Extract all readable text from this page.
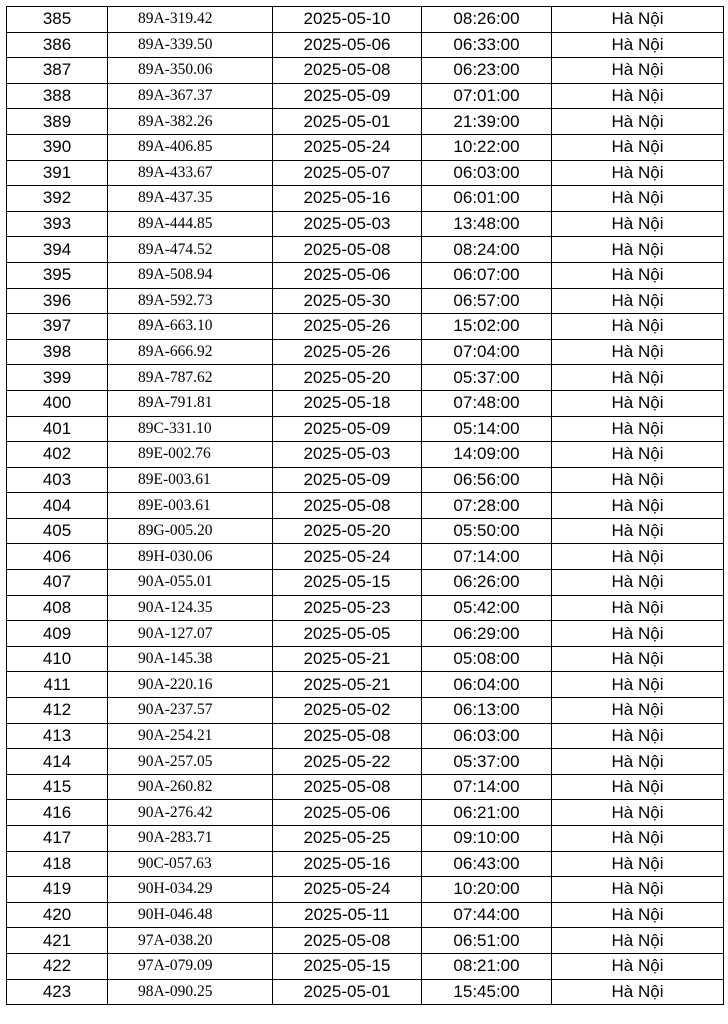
385	89A-319.42	2025-05-10	08:26:00	Hà Nội
386	89A-339.50	2025-05-06	06:33:00	Hà Nội
387	89A-350.06	2025-05-08	06:23:00	Hà Nội
388	89A-367.37	2025-05-09	07:01:00	Hà Nội
389	89A-382.26	2025-05-01	21:39:00	Hà Nội
390	89A-406.85	2025-05-24	10:22:00	Hà Nội
391	89A-433.67	2025-05-07	06:03:00	Hà Nội
392	89A-437.35	2025-05-16	06:01:00	Hà Nội
393	89A-444.85	2025-05-03	13:48:00	Hà Nội
394	89A-474.52	2025-05-08	08:24:00	Hà Nội
395	89A-508.94	2025-05-06	06:07:00	Hà Nội
396	89A-592.73	2025-05-30	06:57:00	Hà Nội
397	89A-663.10	2025-05-26	15:02:00	Hà Nội
398	89A-666.92	2025-05-26	07:04:00	Hà Nội
399	89A-787.62	2025-05-20	05:37:00	Hà Nội
400	89A-791.81	2025-05-18	07:48:00	Hà Nội
401	89C-331.10	2025-05-09	05:14:00	Hà Nội
402	89E-002.76	2025-05-03	14:09:00	Hà Nội
403	89E-003.61	2025-05-09	06:56:00	Hà Nội
404	89E-003.61	2025-05-08	07:28:00	Hà Nội
405	89G-005.20	2025-05-20	05:50:00	Hà Nội
406	89H-030.06	2025-05-24	07:14:00	Hà Nội
407	90A-055.01	2025-05-15	06:26:00	Hà Nội
408	90A-124.35	2025-05-23	05:42:00	Hà Nội
409	90A-127.07	2025-05-05	06:29:00	Hà Nội
410	90A-145.38	2025-05-21	05:08:00	Hà Nội
411	90A-220.16	2025-05-21	06:04:00	Hà Nội
412	90A-237.57	2025-05-02	06:13:00	Hà Nội
413	90A-254.21	2025-05-08	06:03:00	Hà Nội
414	90A-257.05	2025-05-22	05:37:00	Hà Nội
415	90A-260.82	2025-05-08	07:14:00	Hà Nội
416	90A-276.42	2025-05-06	06:21:00	Hà Nội
417	90A-283.71	2025-05-25	09:10:00	Hà Nội
418	90C-057.63	2025-05-16	06:43:00	Hà Nội
419	90H-034.29	2025-05-24	10:20:00	Hà Nội
420	90H-046.48	2025-05-11	07:44:00	Hà Nội
421	97A-038.20	2025-05-08	06:51:00	Hà Nội
422	97A-079.09	2025-05-15	08:21:00	Hà Nội
423	98A-090.25	2025-05-01	15:45:00	Hà Nội
